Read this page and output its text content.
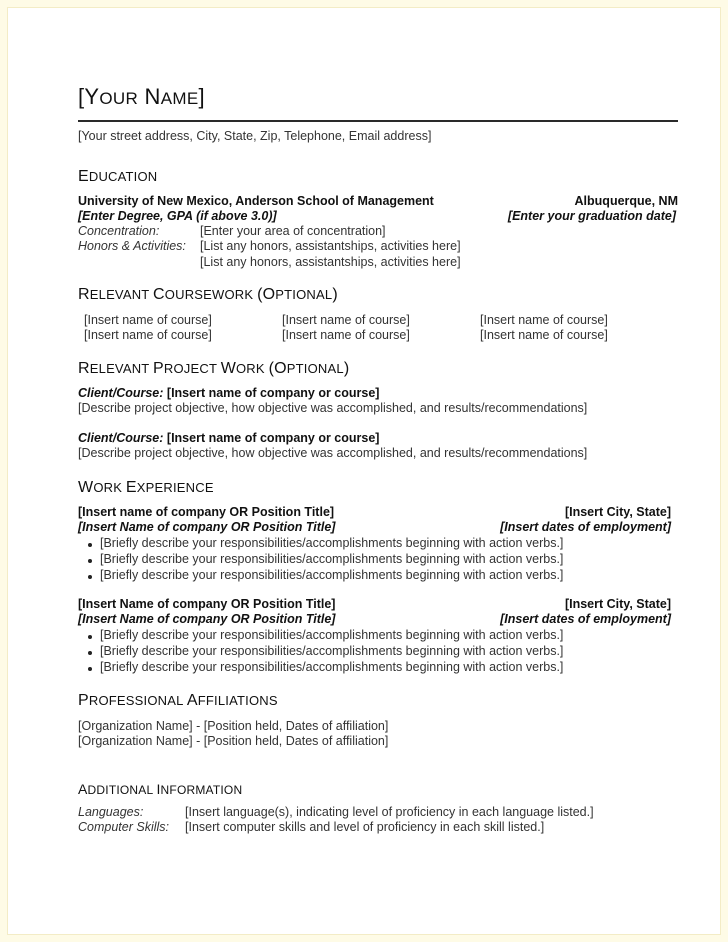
[YOUR NAME]
[Your street address, City, State, Zip, Telephone, Email address]
EDUCATION
University of New Mexico, Anderson School of Management	Albuquerque, NM
[Enter Degree, GPA (if above 3.0)]	[Enter your graduation date]
Concentration:	[Enter your area of concentration]
Honors & Activities: [List any honors, assistantships, activities here]
[List any honors, assistantships, activities here]
RELEVANT COURSEWORK (OPTIONAL)
[Insert name of course]	[Insert name of course]	[Insert name of course]
[Insert name of course]	[Insert name of course]	[Insert name of course]
RELEVANT PROJECT WORK (OPTIONAL)
Client/Course: [Insert name of company or course]
[Describe project objective, how objective was accomplished, and results/recommendations]
Client/Course: [Insert name of company or course]
[Describe project objective, how objective was accomplished, and results/recommendations]
WORK EXPERIENCE
[Insert name of company OR Position Title]	[Insert City, State]
[Insert Name of company OR Position Title]	[Insert dates of employment]
[Briefly describe your responsibilities/accomplishments beginning with action verbs.]
[Briefly describe your responsibilities/accomplishments beginning with action verbs.]
[Briefly describe your responsibilities/accomplishments beginning with action verbs.]
[Insert Name of company OR Position Title]	[Insert City, State]
[Insert Name of company OR Position Title]	[Insert dates of employment]
[Briefly describe your responsibilities/accomplishments beginning with action verbs.]
[Briefly describe your responsibilities/accomplishments beginning with action verbs.]
[Briefly describe your responsibilities/accomplishments beginning with action verbs.]
PROFESSIONAL AFFILIATIONS
[Organization Name] - [Position held, Dates of affiliation]
[Organization Name] - [Position held, Dates of affiliation]
ADDITIONAL INFORMATION
Languages:	[Insert language(s), indicating level of proficiency in each language listed.]
Computer Skills: [Insert computer skills and level of proficiency in each skill listed.]
